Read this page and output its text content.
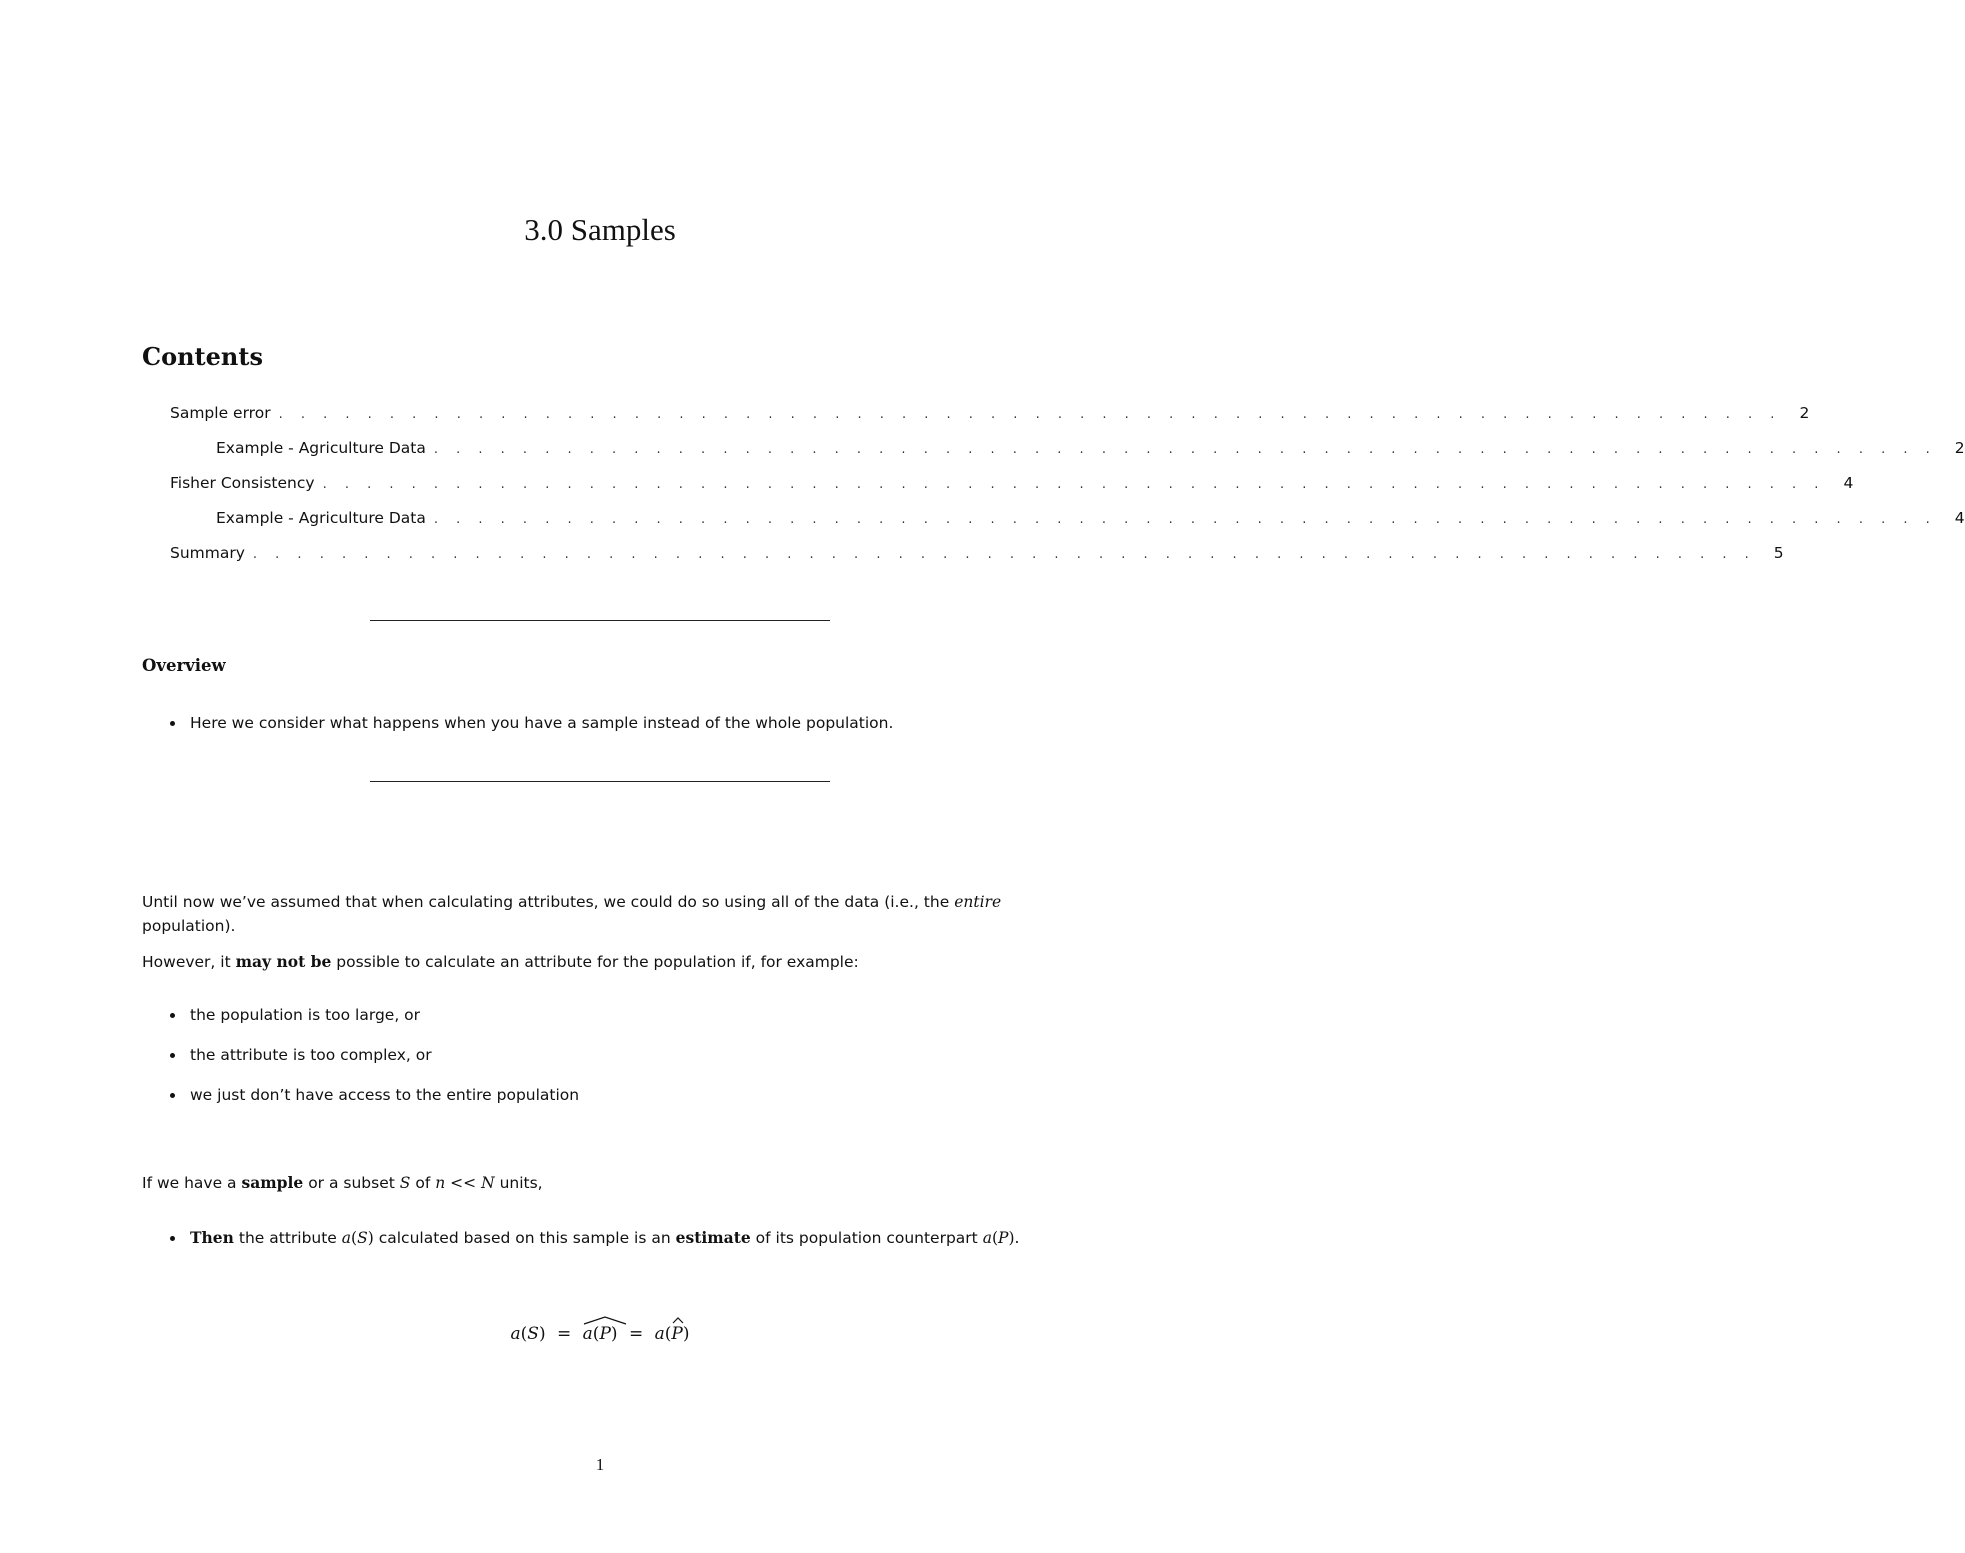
3.0 Samples
Contents
Sample error . . . . . . . . . . . . . . . . . . . . . . . . . . . . . . . . . . . . . . . . . . . . . . . . . . . . . . . . . . . . . . . . . . . . 2
Example - Agriculture Data . . . . . . . . . . . . . . . . . . . . . . . . . . . . . . . . . . . . . . . . . . . . . . . . . . . . . . . . . . . . . . . . . . . . 2
Fisher Consistency . . . . . . . . . . . . . . . . . . . . . . . . . . . . . . . . . . . . . . . . . . . . . . . . . . . . . . . . . . . . . . . . . . . . 4
Example - Agriculture Data . . . . . . . . . . . . . . . . . . . . . . . . . . . . . . . . . . . . . . . . . . . . . . . . . . . . . . . . . . . . . . . . . . . . 4
Summary . . . . . . . . . . . . . . . . . . . . . . . . . . . . . . . . . . . . . . . . . . . . . . . . . . . . . . . . . . . . . . . . . . . . 5
Overview
Here we consider what happens when you have a sample instead of the whole population.

Until now we’ve assumed that when calculating attributes, we could do so using all of the data (i.e., the entire population).

However, it may not be possible to calculate an attribute for the population if, for example:

the population is too large, or
the attribute is too complex, or
we just don’t have access to the entire population

If we have a sample or a subset S of n << N units,

Then the attribute a(S) calculated based on this sample is an estimate of its population counterpart a(P).
a(S) = a(P) = a(
P)
1
